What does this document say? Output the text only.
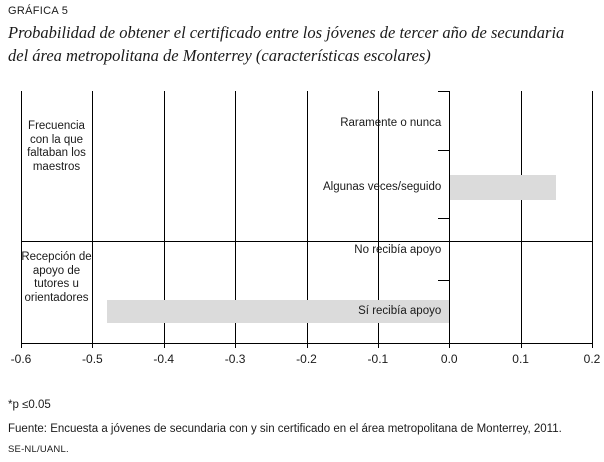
GRÁFICA 5
Probabilidad de obtener el certificado entre los jóvenes de tercer año de secundaria
del área metropolitana de Monterrey (características escolares)
Raramente o nunca
Algunas veces/seguido
No recibía apoyo
Sí recibía apoyo
Frecuencia con la que faltaban los maestros
Recepción de apoyo de tutores u orientadores
-0.6	-0.5	-0.4	-0.3	-0.2	-0.1	0.0	0.1	0.2
*p ≤0.05
Fuente: Encuesta a jóvenes de secundaria con y sin certificado en el área metropolitana de Monterrey, 2011.
SE-NL/UANL.
